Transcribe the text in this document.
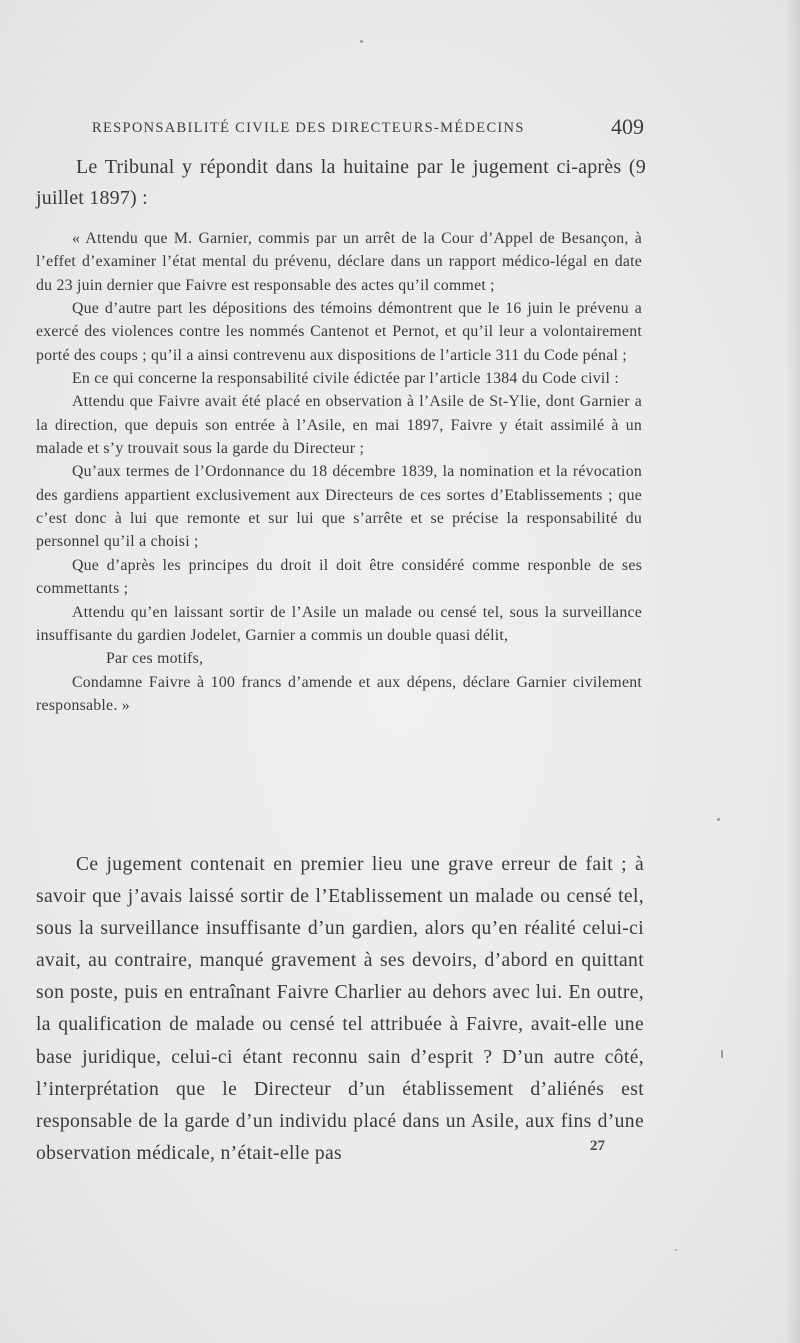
RESPONSABILITÉ CIVILE DES DIRECTEURS-MÉDECINS	409

Le Tribunal y répondit dans la huitaine par le jugement ci-après (9 juillet 1897) :

« Attendu que M. Garnier, commis par un arrêt de la Cour d’Appel de Besançon, à l’effet d’examiner l’état mental du prévenu, déclare dans un rapport médico-légal en date du 23 juin dernier que Faivre est responsable des actes qu’il commet ;

Que d’autre part les dépositions des témoins démontrent que le 16 juin le prévenu a exercé des violences contre les nommés Cantenot et Pernot, et qu’il leur a volontairement porté des coups ; qu’il a ainsi contrevenu aux dispositions de l’article 311 du Code pénal ;

En ce qui concerne la responsabilité civile édictée par l’article 1384 du Code civil :

Attendu que Faivre avait été placé en observation à l’Asile de St-Ylie, dont Garnier a la direction, que depuis son entrée à l’Asile, en mai 1897, Faivre y était assimilé à un malade et s’y trouvait sous la garde du Directeur ;

Qu’aux termes de l’Ordonnance du 18 décembre 1839, la nomination et la révocation des gardiens appartient exclusivement aux Directeurs de ces sortes d’Etablissements ; que c’est donc à lui que remonte et sur lui que s’arrête et se précise la responsabilité du personnel qu’il a choisi ;

Que d’après les principes du droit il doit être considéré comme responble de ses commettants ;

Attendu qu’en laissant sortir de l’Asile un malade ou censé tel, sous la surveillance insuffisante du gardien Jodelet, Garnier a commis un double quasi délit,

Par ces motifs,

Condamne Faivre à 100 francs d’amende et aux dépens, déclare Garnier civilement responsable. »

Ce jugement contenait en premier lieu une grave erreur de fait ; à savoir que j’avais laissé sortir de l’Etablissement un malade ou censé tel, sous la surveillance insuffisante d’un gardien, alors qu’en réalité celui-ci avait, au contraire, manqué gravement à ses devoirs, d’abord en quittant son poste, puis en entraînant Faivre Charlier au dehors avec lui. En outre, la qualification de malade ou censé tel attribuée à Faivre, avait-elle une base juridique, celui-ci étant reconnu sain d’esprit ? D’un autre côté, l’interprétation que le Directeur d’un établissement d’aliénés est responsable de la garde d’un individu placé dans un Asile, aux fins d’une observation médicale, n’était-elle pas	27
